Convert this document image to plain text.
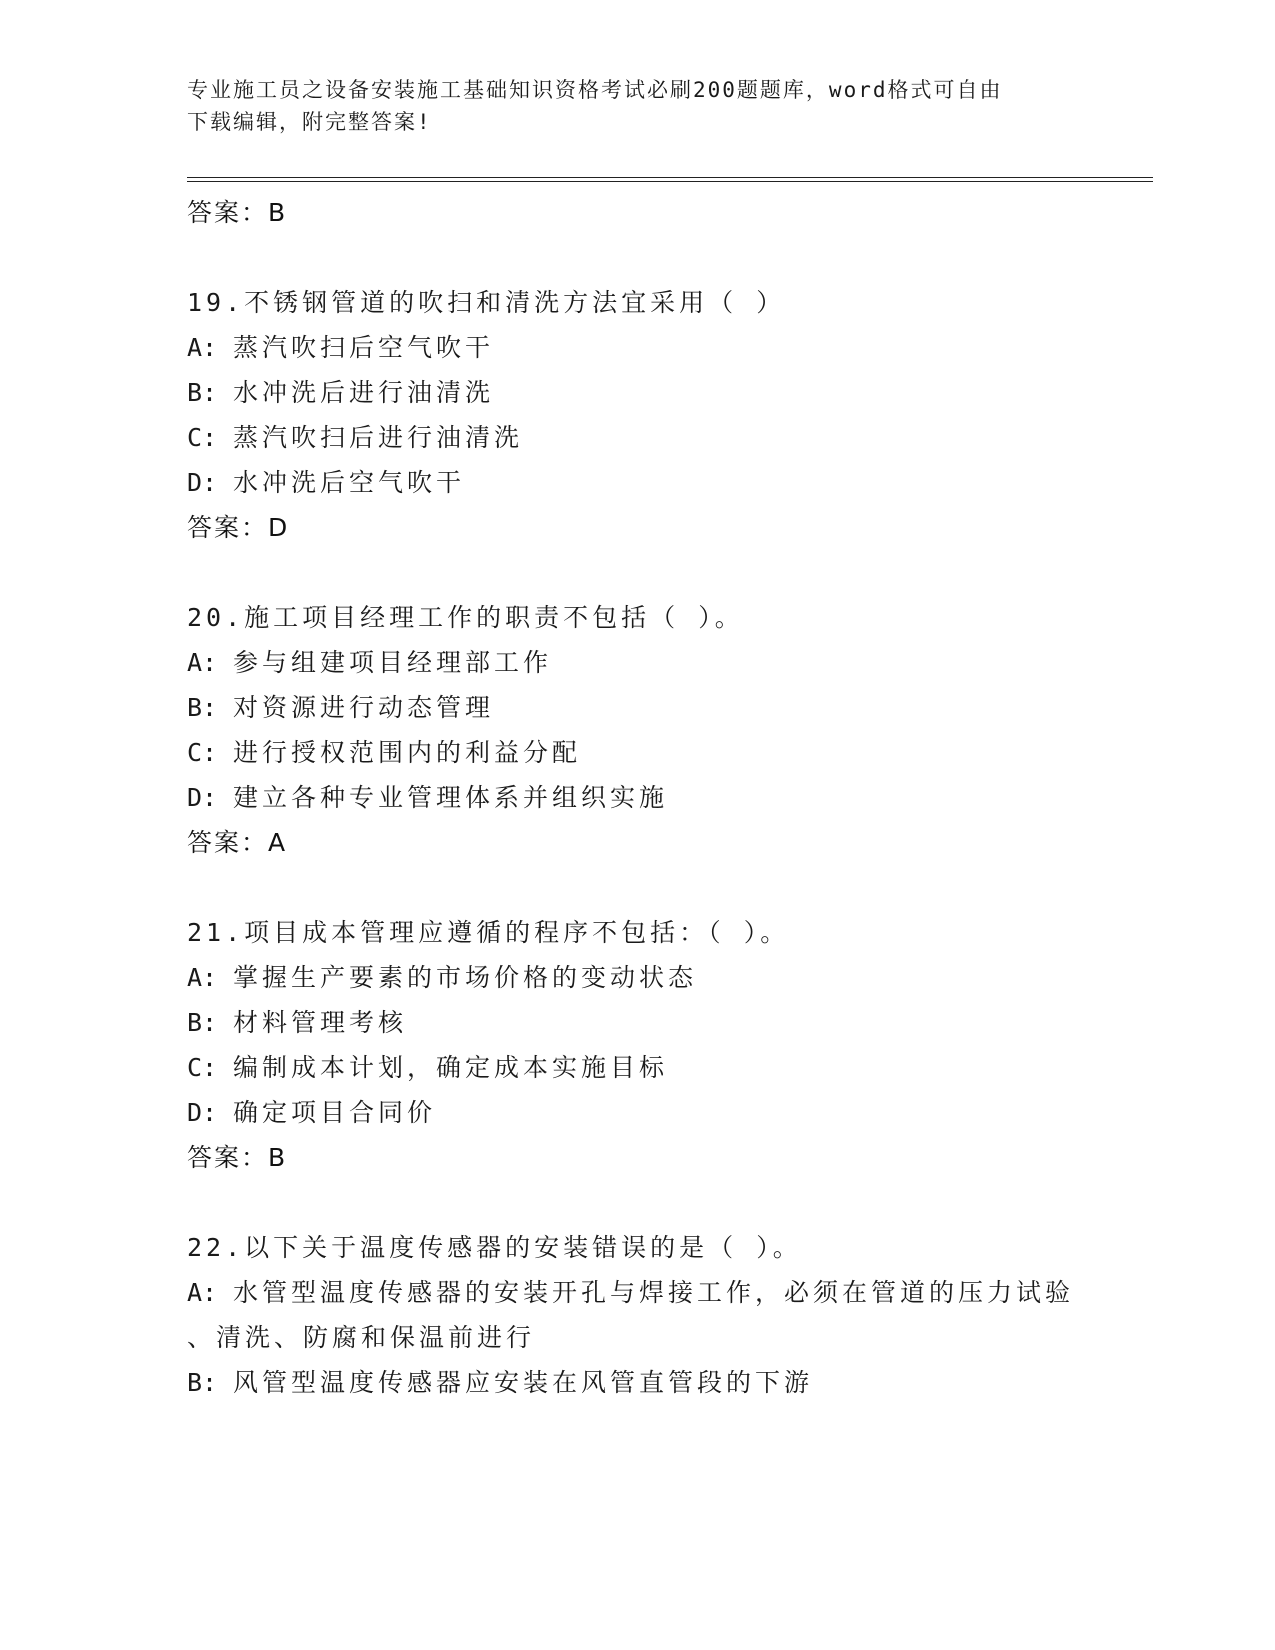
专业施工员之设备安装施工基础知识资格考试必刷200题题库，word格式可自由
下载编辑，附完整答案!
答案：B
19.不锈钢管道的吹扫和清洗方法宜采用（ ）
A: 蒸汽吹扫后空气吹干
B: 水冲洗后进行油清洗
C: 蒸汽吹扫后进行油清洗
D: 水冲洗后空气吹干
答案：D
20.施工项目经理工作的职责不包括（ ）。
A: 参与组建项目经理部工作
B: 对资源进行动态管理
C: 进行授权范围内的利益分配
D: 建立各种专业管理体系并组织实施
答案：A
21.项目成本管理应遵循的程序不包括：（ ）。
A: 掌握生产要素的市场价格的变动状态
B: 材料管理考核
C: 编制成本计划，确定成本实施目标
D: 确定项目合同价
答案：B
22.以下关于温度传感器的安装错误的是（ ）。
A: 水管型温度传感器的安装开孔与焊接工作，必须在管道的压力试验
、清洗、防腐和保温前进行
B: 风管型温度传感器应安装在风管直管段的下游
